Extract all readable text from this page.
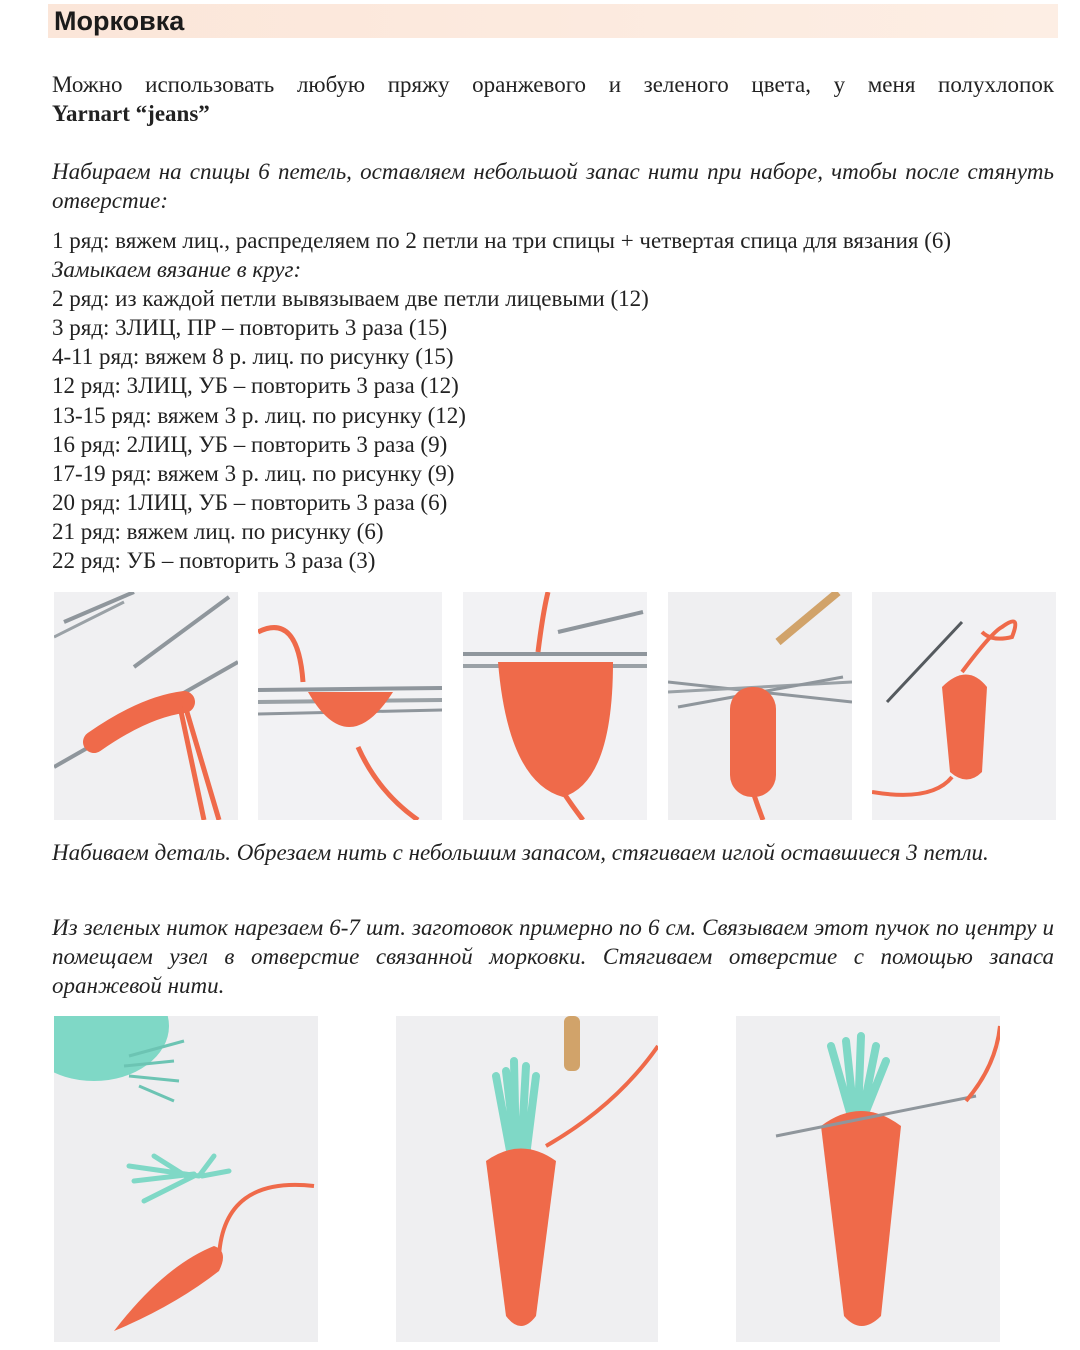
Морковка
Можно использовать любую пряжу оранжевого и зеленого цвета, у меня полухлопок
Yarnart “jeans”
Набираем на спицы 6 петель, оставляем небольшой запас нити при наборе, чтобы после стянуть отверстие:
1 ряд: вяжем лиц., распределяем по 2 петли на три спицы + четвертая спица для вязания (6)
Замыкаем вязание в круг:
2 ряд: из каждой петли вывязываем две петли лицевыми (12)
3 ряд: 3ЛИЦ, ПР – повторить 3 раза (15)
4-11 ряд: вяжем 8 р. лиц. по рисунку (15)
12 ряд: 3ЛИЦ, УБ – повторить 3 раза (12)
13-15 ряд: вяжем 3 р. лиц. по рисунку (12)
16 ряд: 2ЛИЦ, УБ – повторить 3 раза (9)
17-19 ряд: вяжем 3 р. лиц. по рисунку (9)
20 ряд: 1ЛИЦ, УБ – повторить 3 раза (6)
21 ряд: вяжем лиц. по рисунку (6)
22 ряд: УБ – повторить 3 раза (3)
Набиваем деталь. Обрезаем нить с небольшим запасом, стягиваем иглой оставшиеся 3 петли.
Из зеленых ниток нарезаем 6-7 шт. заготовок примерно по 6 см. Связываем этот пучок по центру и помещаем узел в отверстие связанной морковки. Стягиваем отверстие с помощью запаса оранжевой нити.
